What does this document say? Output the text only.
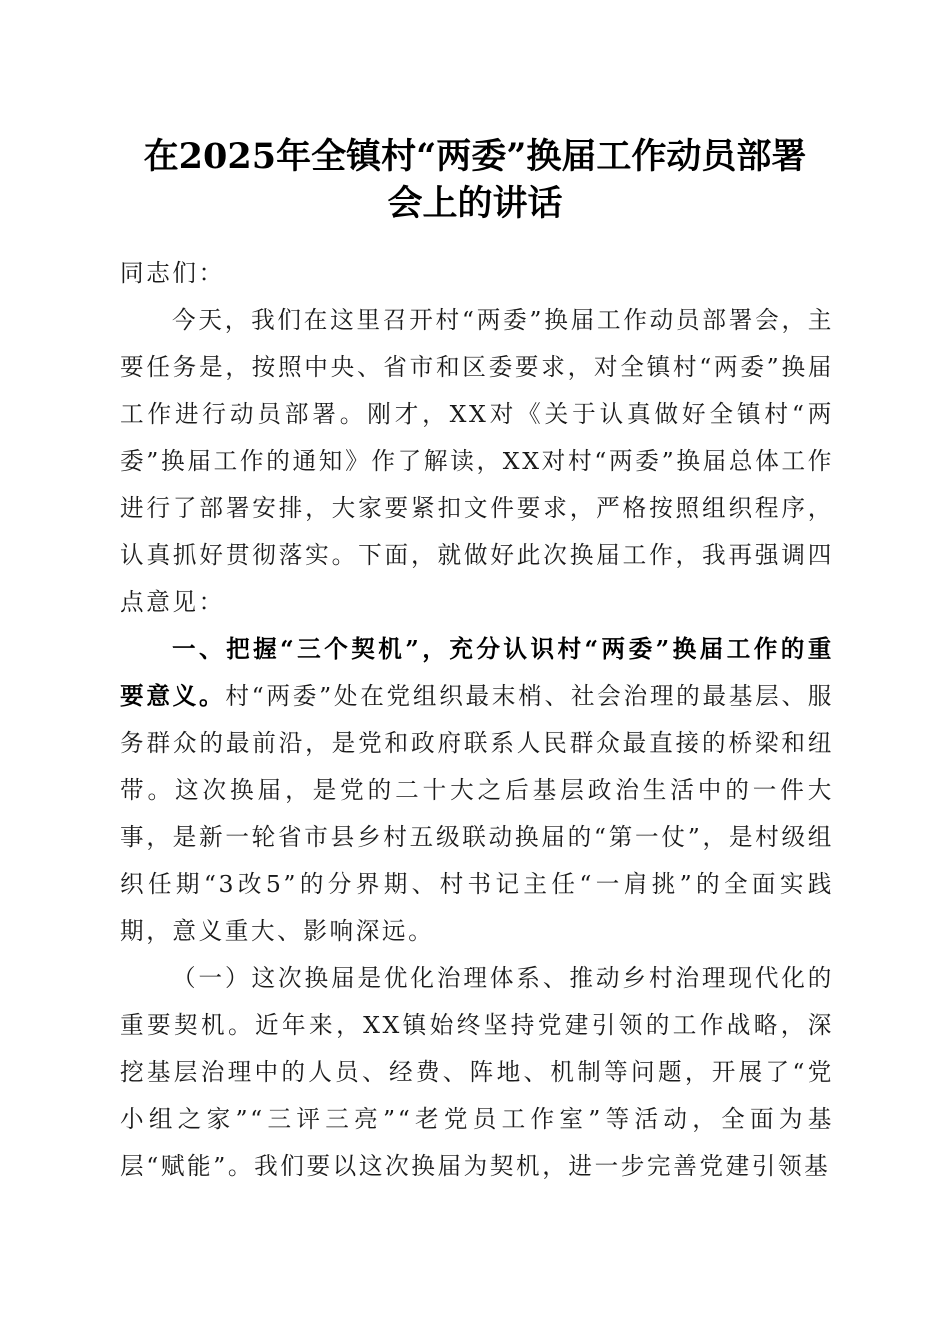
在2025年全镇村“两委”换届工作动员部署
会上的讲话

同志们：

今天，我们在这里召开村“两委”换届工作动员部署会，主要任务是，按照中央、省市和区委要求，对全镇村“两委”换届工作进行动员部署。刚才，XX对《关于认真做好全镇村“两委”换届工作的通知》作了解读，XX对村“两委”换届总体工作进行了部署安排，大家要紧扣文件要求，严格按照组织程序，认真抓好贯彻落实。下面，就做好此次换届工作，我再强调四点意见：

一、把握“三个契机”，充分认识村“两委”换届工作的重要意义。村“两委”处在党组织最末梢、社会治理的最基层、服务群众的最前沿，是党和政府联系人民群众最直接的桥梁和纽带。这次换届，是党的二十大之后基层政治生活中的一件大事，是新一轮省市县乡村五级联动换届的“第一仗”，是村级组织任期“3改5”的分界期、村书记主任“一肩挑”的全面实践期，意义重大、影响深远。

（一）这次换届是优化治理体系、推动乡村治理现代化的重要契机。近年来，XX镇始终坚持党建引领的工作战略，深挖基层治理中的人员、经费、阵地、机制等问题，开展了“党小组之家”“三评三亮”“老党员工作室”等活动，全面为基层“赋能”。我们要以这次换届为契机，进一步完善党建引领基
